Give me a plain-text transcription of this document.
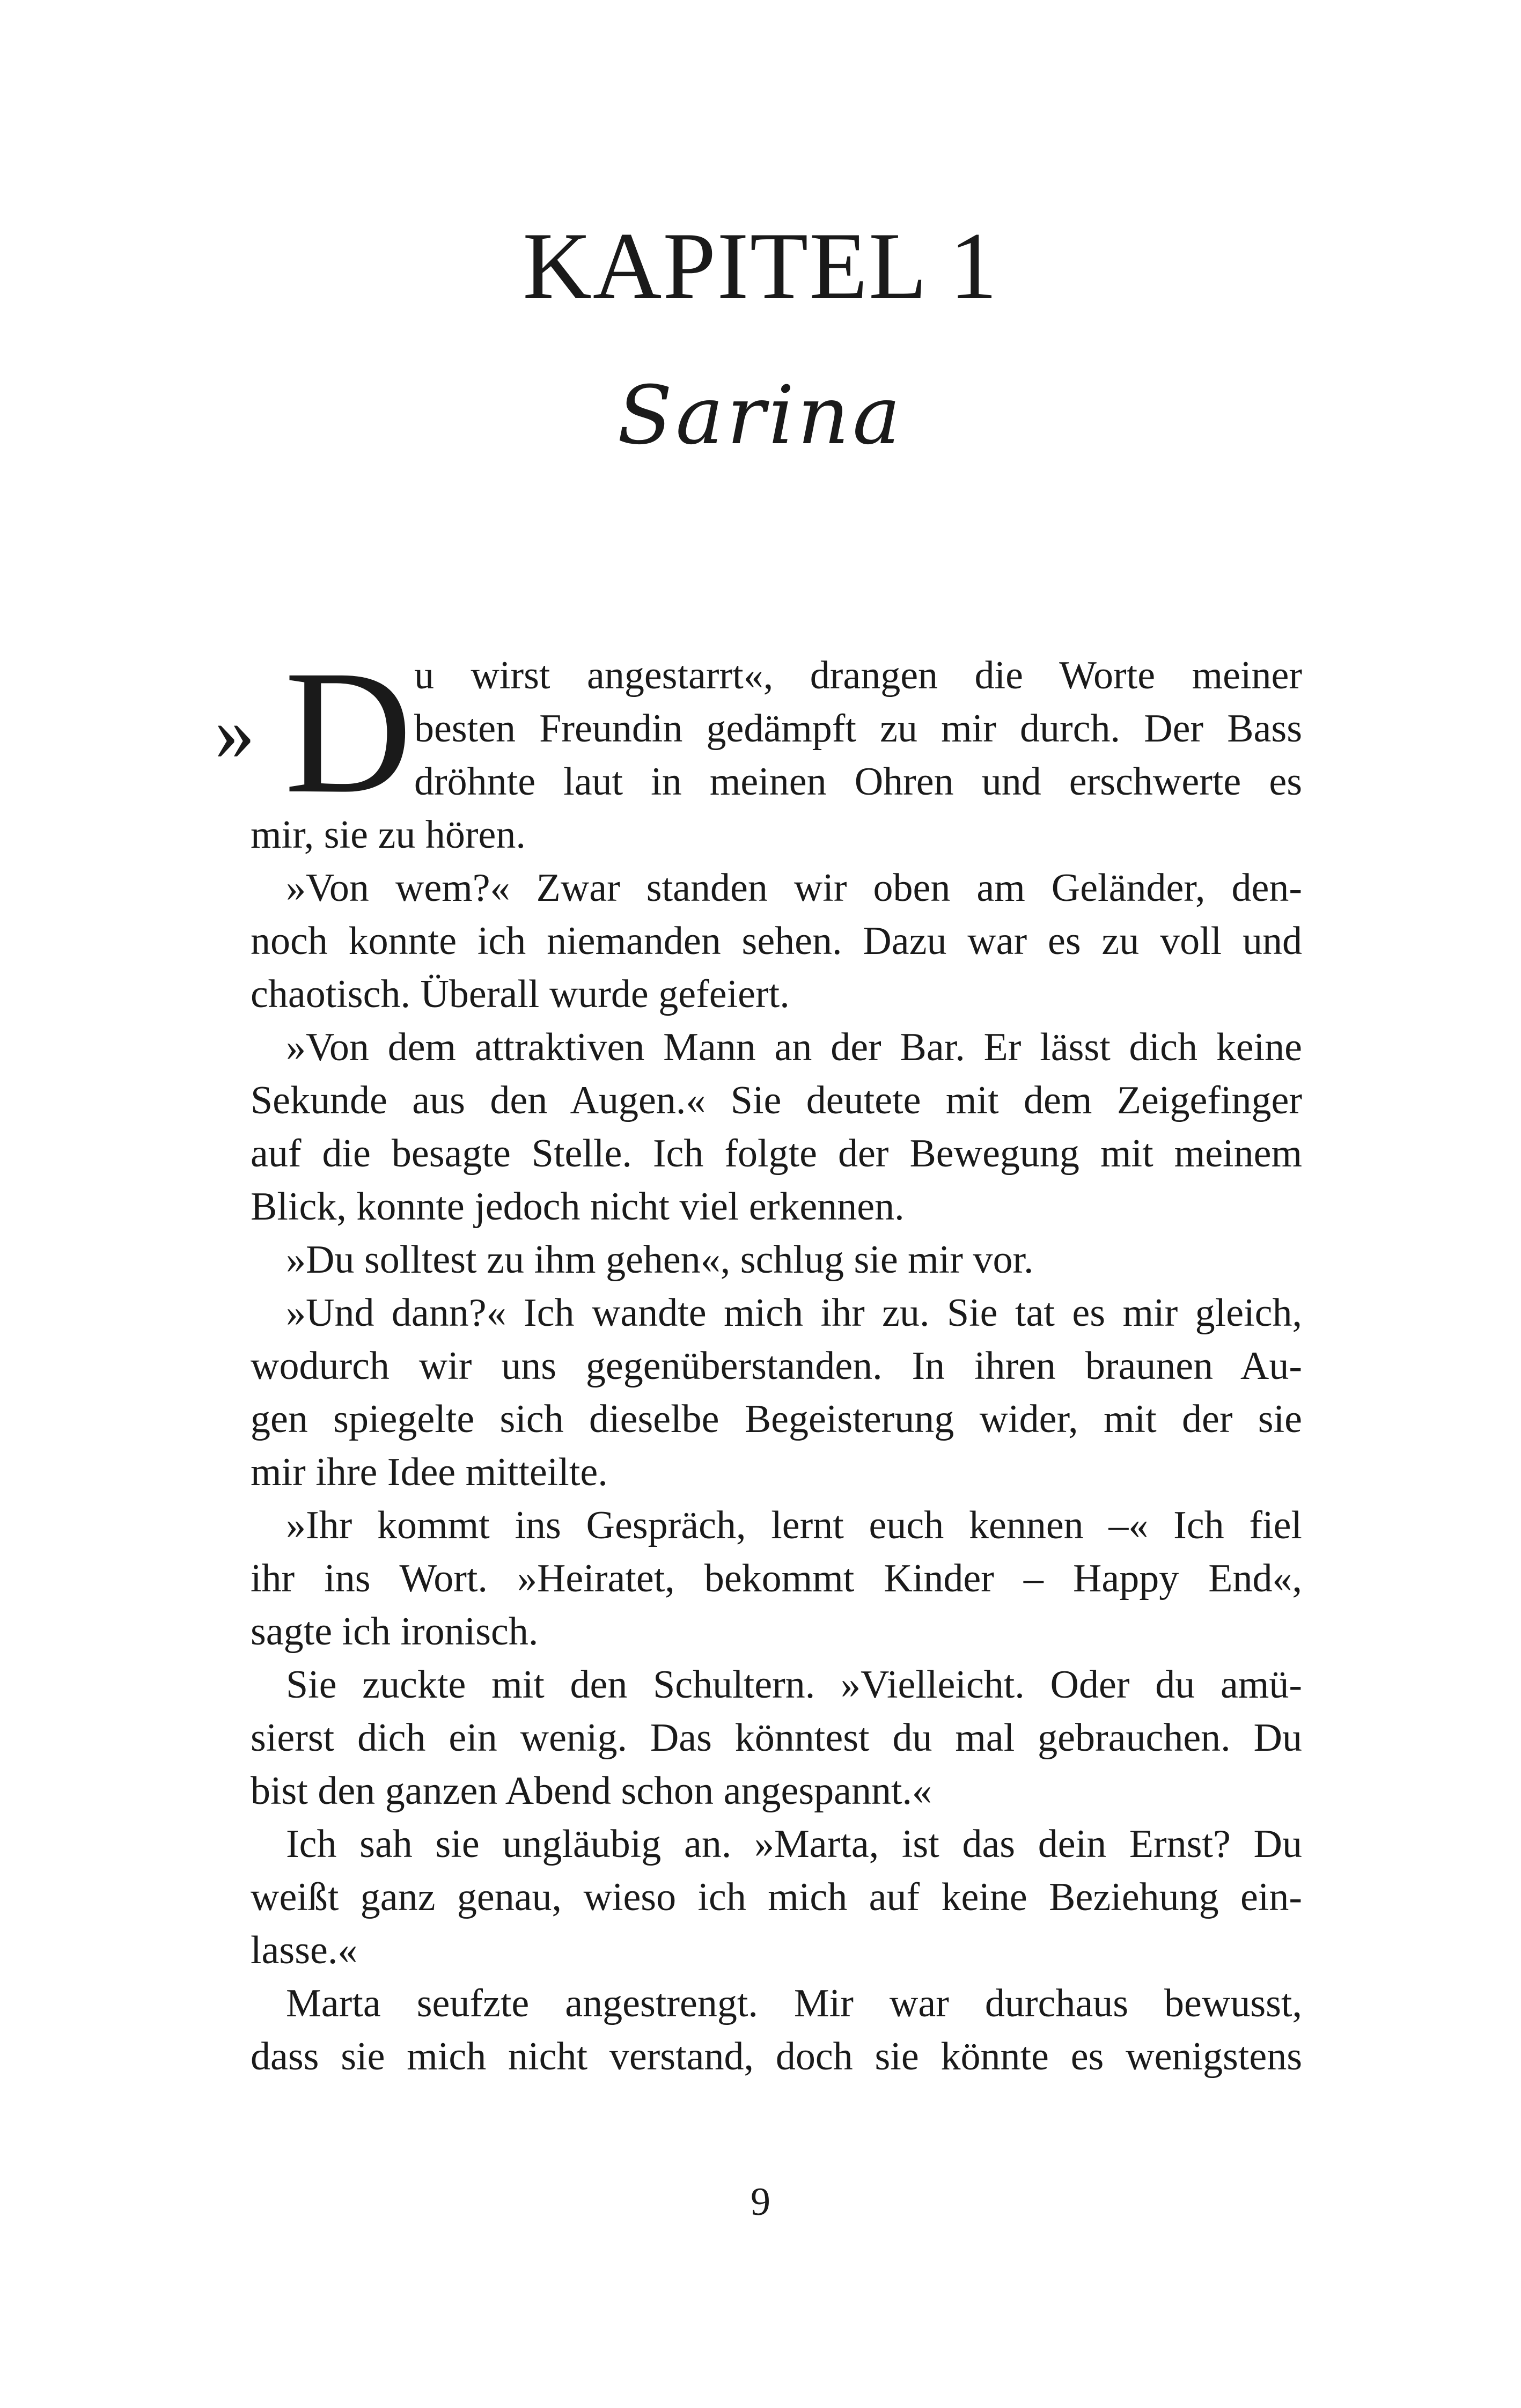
KAPITEL 1
Sarina
» D u wirst angestarrt«, drangen die Worte meiner
besten Freundin gedämpft zu mir durch. Der Bass
dröhnte laut in meinen Ohren und erschwerte es
mir, sie zu hören.
»Von wem?« Zwar standen wir oben am Geländer, den-
noch konnte ich niemanden sehen. Dazu war es zu voll und
chaotisch. Überall wurde gefeiert.
»Von dem attraktiven Mann an der Bar. Er lässt dich keine
Sekunde aus den Augen.« Sie deutete mit dem Zeigefinger
auf die besagte Stelle. Ich folgte der Bewegung mit meinem
Blick, konnte jedoch nicht viel erkennen.
»Du solltest zu ihm gehen«, schlug sie mir vor.
»Und dann?« Ich wandte mich ihr zu. Sie tat es mir gleich,
wodurch wir uns gegenüberstanden. In ihren braunen Au-
gen spiegelte sich dieselbe Begeisterung wider, mit der sie
mir ihre Idee mitteilte.
»Ihr kommt ins Gespräch, lernt euch kennen –« Ich fiel
ihr ins Wort. »Heiratet, bekommt Kinder – Happy End«,
sagte ich ironisch.
Sie zuckte mit den Schultern. »Vielleicht. Oder du amü-
sierst dich ein wenig. Das könntest du mal gebrauchen. Du
bist den ganzen Abend schon angespannt.«
Ich sah sie ungläubig an. »Marta, ist das dein Ernst? Du
weißt ganz genau, wieso ich mich auf keine Beziehung ein-
lasse.«
Marta seufzte angestrengt. Mir war durchaus bewusst,
dass sie mich nicht verstand, doch sie könnte es wenigstens
9
